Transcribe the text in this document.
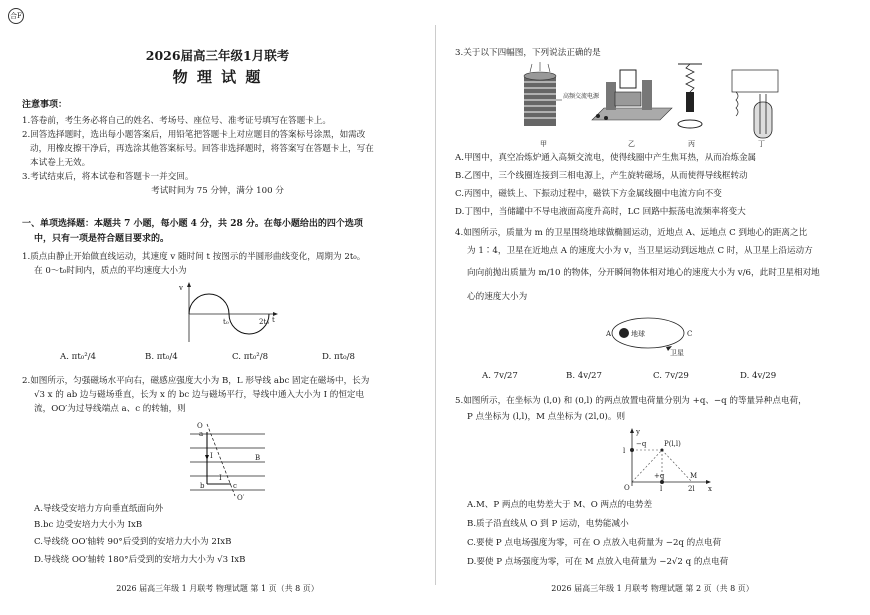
合F
2026届高三年级1月联考
物 理 试 题
注意事项：
1.答卷前，考生务必将自己的姓名、考场号、座位号、准考证号填写在答题卡上。
2.回答选择题时，选出每小题答案后，用铅笔把答题卡上对应题目的答案标号涂黑，如需改
动，用橡皮擦干净后，再选涂其他答案标号。回答非选择题时，将答案写在答题卡上，写在
本试卷上无效。
3.考试结束后，将本试卷和答题卡一并交回。
考试时间为 75 分钟，满分 100 分
一、单项选择题：本题共 7 小题，每小题 4 分，共 28 分。在每小题给出的四个选项
中，只有一项是符合题目要求的。
1.质点由静止开始做直线运动，其速度 v 随时间 t 按图示的半圆形曲线变化，周期为 2t₀。
在 0～t₀时间内，质点的平均速度大小为
v
t₀	2t₀ t
A. πt₀²/4	B. πt₀/4	C. πt₀²/8	D. πt₀/8
2.如图所示，匀强磁场水平向右，磁感应强度大小为 B，L 形导线 abc 固定在磁场中，长为
√3 x 的 ab 边与磁场垂直，长为 x 的 bc 边与磁场平行，导线中通入大小为 I 的恒定电
流，OO′为过导线端点 a、c 的转轴，则
O
a
I
I
B
b	c
O′
A.导线受安培力方向垂直纸面向外
B.bc 边受安培力大小为 IxB
C.导线绕 OO′轴转 90°后受到的安培力大小为 2IxB
D.导线绕 OO′轴转 180°后受到的安培力大小为 √3 IxB
2026 届高三年级 1 月联考 物理试题 第 1 页（共 8 页）
3.关于以下四幅图，下列说法正确的是
高频交流电源
甲	乙	丙	丁
A.甲图中，真空冶炼炉通入高频交流电，使得线圈中产生焦耳热，从而冶炼金属
B.乙图中，三个线圈连接到三相电源上，产生旋转磁场，从而使得导线框转动
C.丙图中，磁铁上、下振动过程中，磁铁下方金属线圈中电流方向不变
D.丁图中，当储罐中不导电液面高度升高时，LC 回路中振荡电流频率将变大
4.如图所示，质量为 m 的卫星围绕地球做椭圆运动，近地点 A、远地点 C 到地心的距离之比
为 1∶4，卫星在近地点 A 的速度大小为 v，当卫星运动到远地点 C 时，从卫星上沿运动方
向向前抛出质量为 m/10 的物体，分开瞬间物体相对地心的速度大小为 v/6，此时卫星相对地
心的速度大小为
A	C
地球
卫星
A. 7v/27	B. 4v/27	C. 7v/29	D. 4v/29
5.如图所示，在坐标为 (l,0) 和 (0,l) 的两点放置电荷量分别为 +q、−q 的等量异种点电荷，
P 点坐标为 (l,l)，M 点坐标为 (2l,0)。则
y
l
−q	P(l,l)
+q	M
O	l	2l x
A.M、P 两点的电势差大于 M、O 两点的电势差
B.质子沿直线从 O 到 P 运动，电势能减小
C.要使 P 点电场强度为零，可在 O 点放入电荷量为 −2q 的点电荷
D.要使 P 点场强度为零，可在 M 点放入电荷量为 −2√2 q 的点电荷
2026 届高三年级 1 月联考 物理试题 第 2 页（共 8 页）
